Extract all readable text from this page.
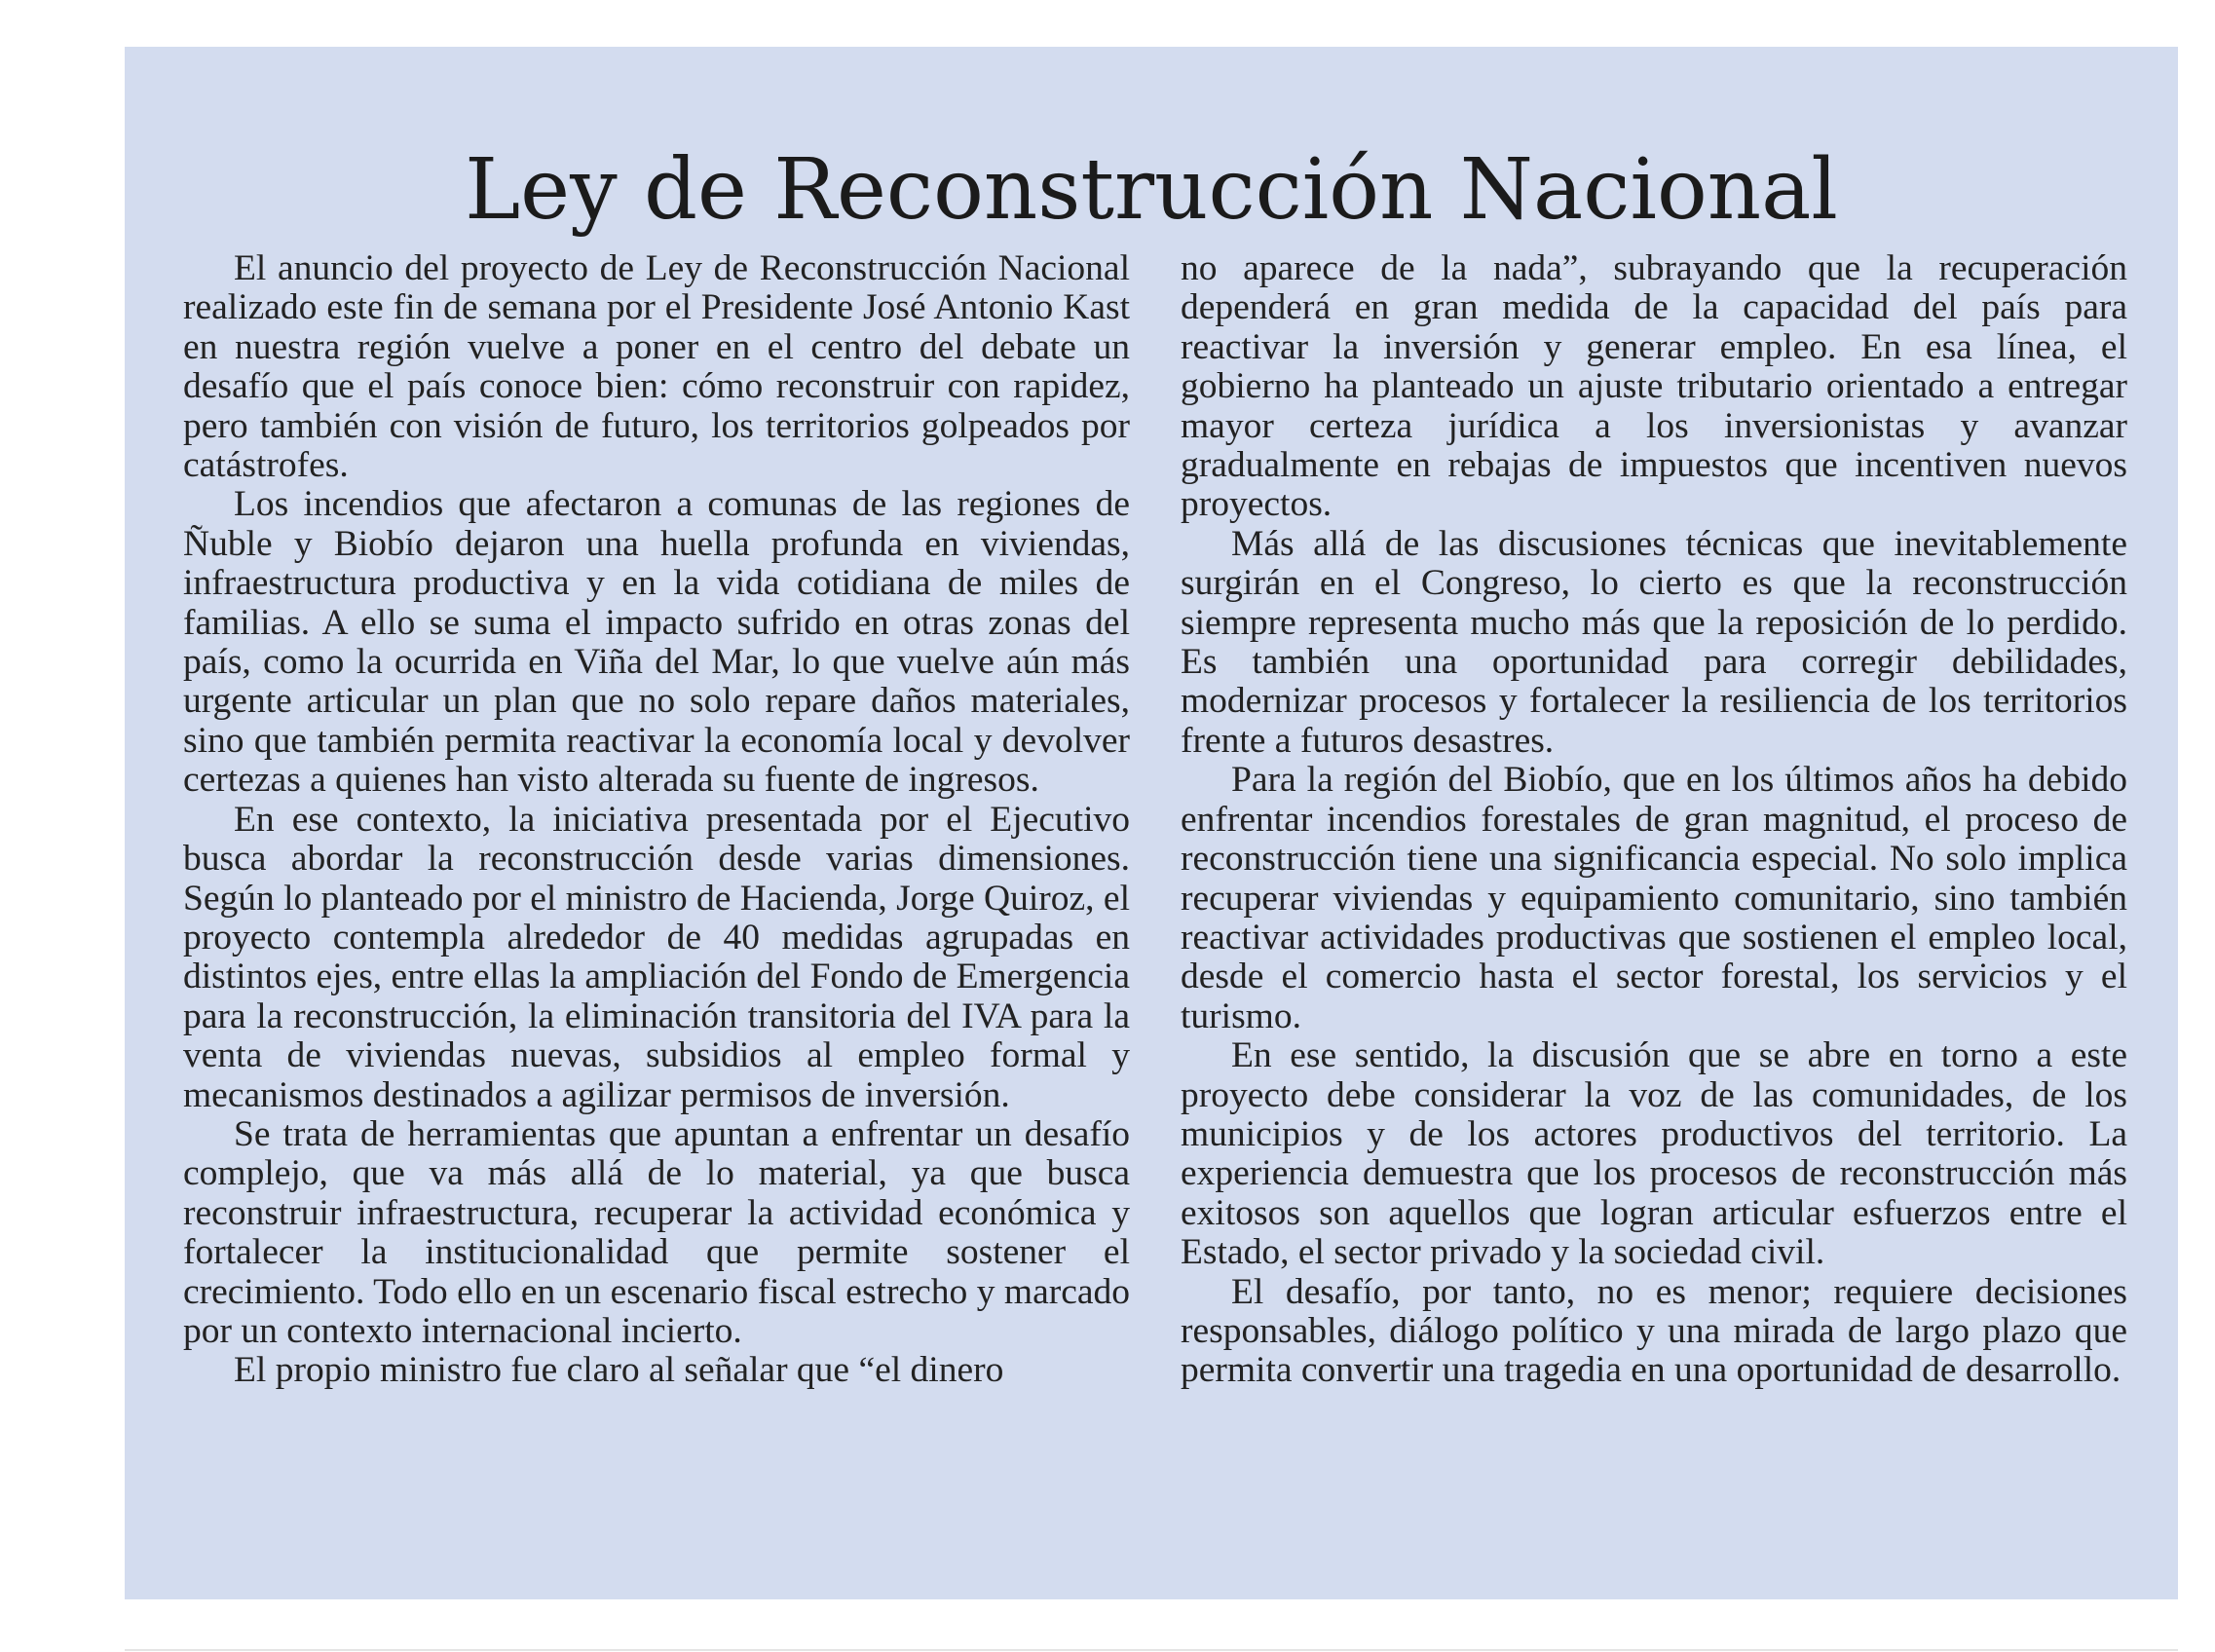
Ley de Reconstrucción Nacional

El anuncio del proyecto de Ley de Reconstrucción Nacional realizado este fin de semana por el Presidente José Antonio Kast en nuestra región vuelve a poner en el centro del debate un desafío que el país conoce bien: cómo reconstruir con rapidez, pero también con visión de futuro, los territorios golpeados por catástrofes.

Los incendios que afectaron a comunas de las regiones de Ñuble y Biobío dejaron una huella profunda en viviendas, infraestructura productiva y en la vida cotidiana de miles de familias. A ello se suma el impacto sufrido en otras zonas del país, como la ocurrida en Viña del Mar, lo que vuelve aún más urgente articular un plan que no solo repare daños materiales, sino que también permita reactivar la economía local y devolver certezas a quienes han visto alterada su fuente de ingresos.

En ese contexto, la iniciativa presentada por el Ejecutivo busca abordar la reconstrucción desde varias dimensiones. Según lo planteado por el ministro de Hacienda, Jorge Quiroz, el proyecto contempla alrededor de 40 medidas agrupadas en distintos ejes, entre ellas la ampliación del Fondo de Emergencia para la reconstrucción, la eliminación transitoria del IVA para la venta de viviendas nuevas, subsidios al empleo formal y mecanismos destinados a agilizar permisos de inversión.

Se trata de herramientas que apuntan a enfrentar un desafío complejo, que va más allá de lo material, ya que busca reconstruir infraestructura, recuperar la actividad económica y fortalecer la institucionalidad que permite sostener el crecimiento. Todo ello en un escenario fiscal estrecho y marcado por un contexto internacional incierto.

El propio ministro fue claro al señalar que “el dinero

no aparece de la nada”, subrayando que la recuperación dependerá en gran medida de la capacidad del país para reactivar la inversión y generar empleo. En esa línea, el gobierno ha planteado un ajuste tributario orientado a entregar mayor certeza jurídica a los inversionistas y avanzar gradualmente en rebajas de impuestos que incentiven nuevos proyectos.

Más allá de las discusiones técnicas que inevitablemente surgirán en el Congreso, lo cierto es que la reconstrucción siempre representa mucho más que la reposición de lo perdido. Es también una oportunidad para corregir debilidades, modernizar procesos y fortalecer la resiliencia de los territorios frente a futuros desastres.

Para la región del Biobío, que en los últimos años ha debido enfrentar incendios forestales de gran magnitud, el proceso de reconstrucción tiene una significancia especial. No solo implica recuperar viviendas y equipamiento comunitario, sino también reactivar actividades productivas que sostienen el empleo local, desde el comercio hasta el sector forestal, los servicios y el turismo.

En ese sentido, la discusión que se abre en torno a este proyecto debe considerar la voz de las comunidades, de los municipios y de los actores productivos del territorio. La experiencia demuestra que los procesos de reconstrucción más exitosos son aquellos que logran articular esfuerzos entre el Estado, el sector privado y la sociedad civil.

El desafío, por tanto, no es menor; requiere decisiones responsables, diálogo político y una mirada de largo plazo que permita convertir una tragedia en una oportunidad de desarrollo.
